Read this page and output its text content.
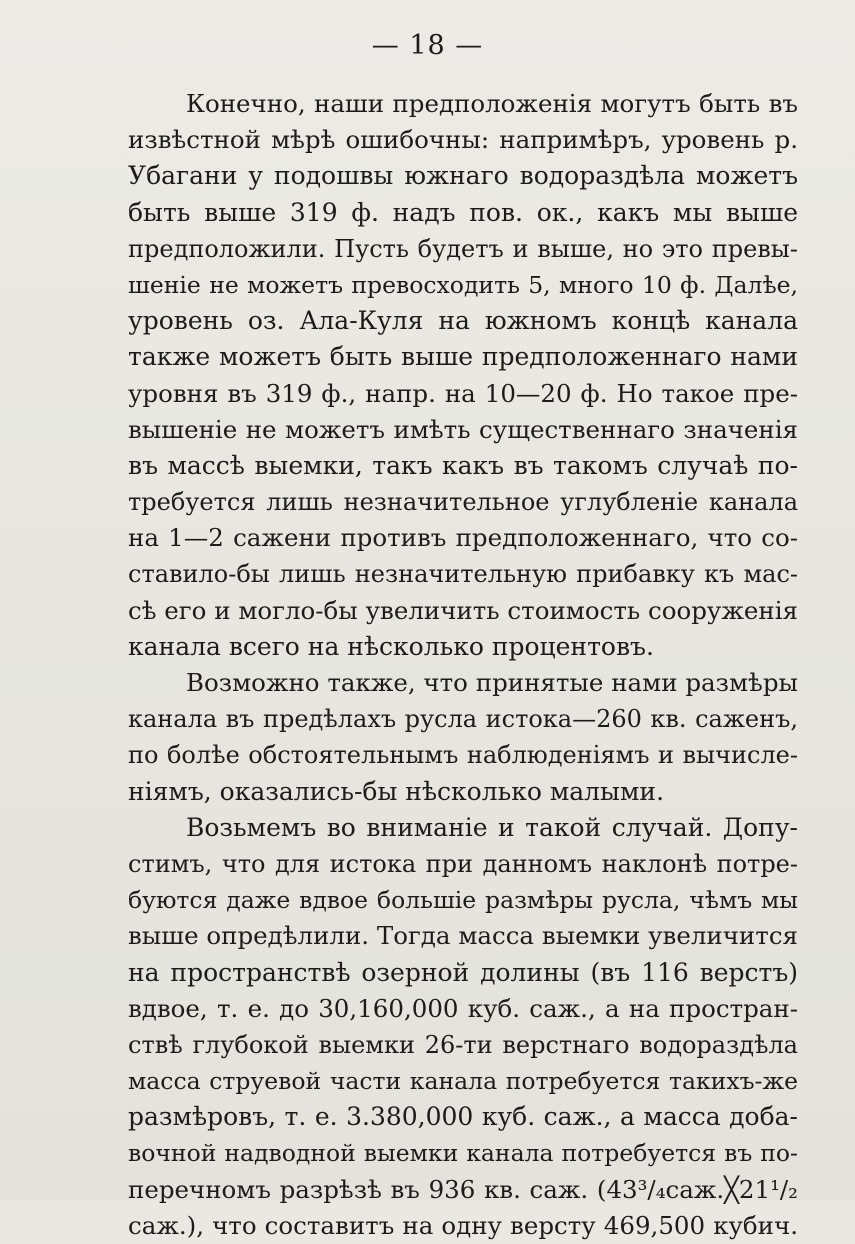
— 18 —
Конечно, наши предположенія могутъ быть въ
извѣстной мѣрѣ ошибочны: напримѣръ, уровень р.
Убагани у подошвы южнаго водораздѣла можетъ
быть выше 319 ф. надъ пов. ок., какъ мы выше
предположили. Пусть будетъ и выше, но это превы-
шеніе не можетъ превосходить 5, много 10 ф. Далѣе,
уровень оз. Ала-Куля на южномъ концѣ канала
также можетъ быть выше предположеннаго нами
уровня въ 319 ф., напр. на 10—20 ф. Но такое пре-
вышеніе не можетъ имѣть существеннаго значенія
въ массѣ выемки, такъ какъ въ такомъ случаѣ по-
требуется лишь незначительное углубленіе канала
на 1—2 сажени противъ предположеннаго, что со-
ставило-бы лишь незначительную прибавку къ мас-
сѣ его и могло-бы увеличить стоимость сооруженія
канала всего на нѣсколько процентовъ.
Возможно также, что принятые нами размѣры
канала въ предѣлахъ русла истока—260 кв. саженъ,
по болѣе обстоятельнымъ наблюденіямъ и вычисле-
ніямъ, оказались-бы нѣсколько малыми.
Возьмемъ во вниманіе и такой случай. Допу-
стимъ, что для истока при данномъ наклонѣ потре-
буются даже вдвое большіе размѣры русла, чѣмъ мы
выше опредѣлили. Тогда масса выемки увеличится
на пространствѣ озерной долины (въ 116 верстъ)
вдвое, т. е. до 30,160,000 куб. саж., а на простран-
ствѣ глубокой выемки 26-ти верстнаго водораздѣла
масса струевой части канала потребуется такихъ-же
размѣровъ, т. е. 3.380,000 куб. саж., а масса доба-
вочной надводной выемки канала потребуется въ по-
перечномъ разрѣзѣ въ 936 кв. саж. (43³/₄саж.╳21¹/₂
саж.), что составитъ на одну версту 469,500 кубич.
